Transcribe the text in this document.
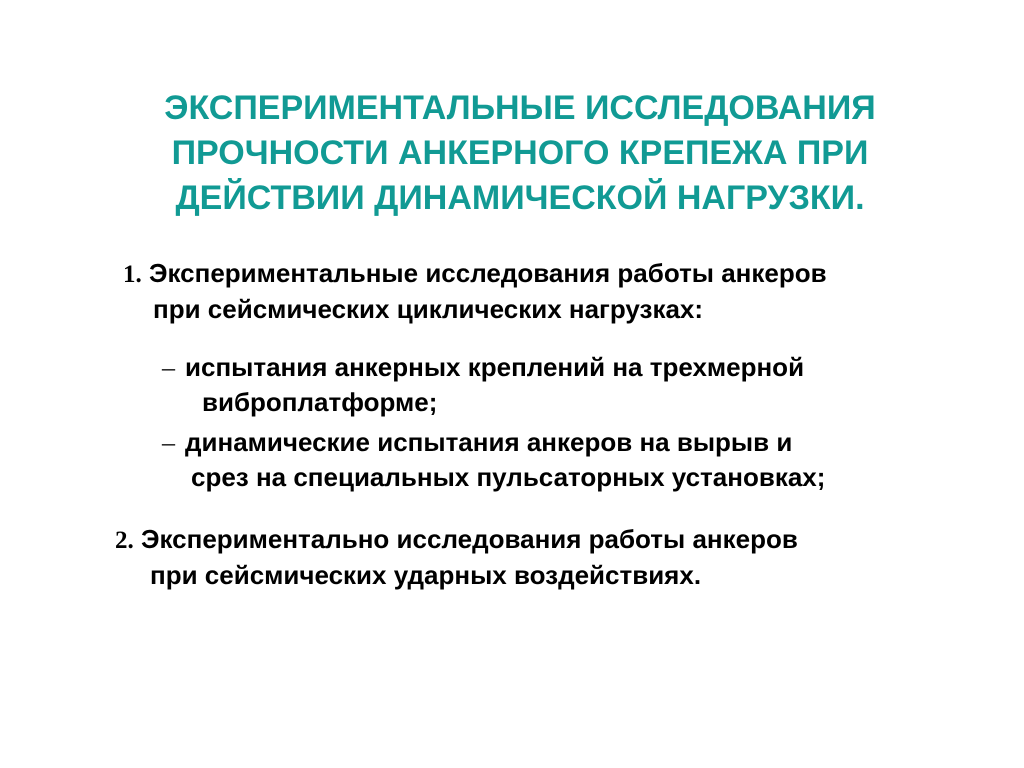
ЭКСПЕРИМЕНТАЛЬНЫЕ ИССЛЕДОВАНИЯ
ПРОЧНОСТИ АНКЕРНОГО КРЕПЕЖА ПРИ
ДЕЙСТВИИ ДИНАМИЧЕСКОЙ НАГРУЗКИ.
1. Экспериментальные исследования работы анкеров
при сейсмических циклических нагрузках:
– испытания анкерных креплений на трехмерной
виброплатформе;
– динамические испытания анкеров на вырыв и
срез на специальных пульсаторных установках;
2. Экспериментально исследования работы анкеров
при сейсмических ударных воздействиях.
